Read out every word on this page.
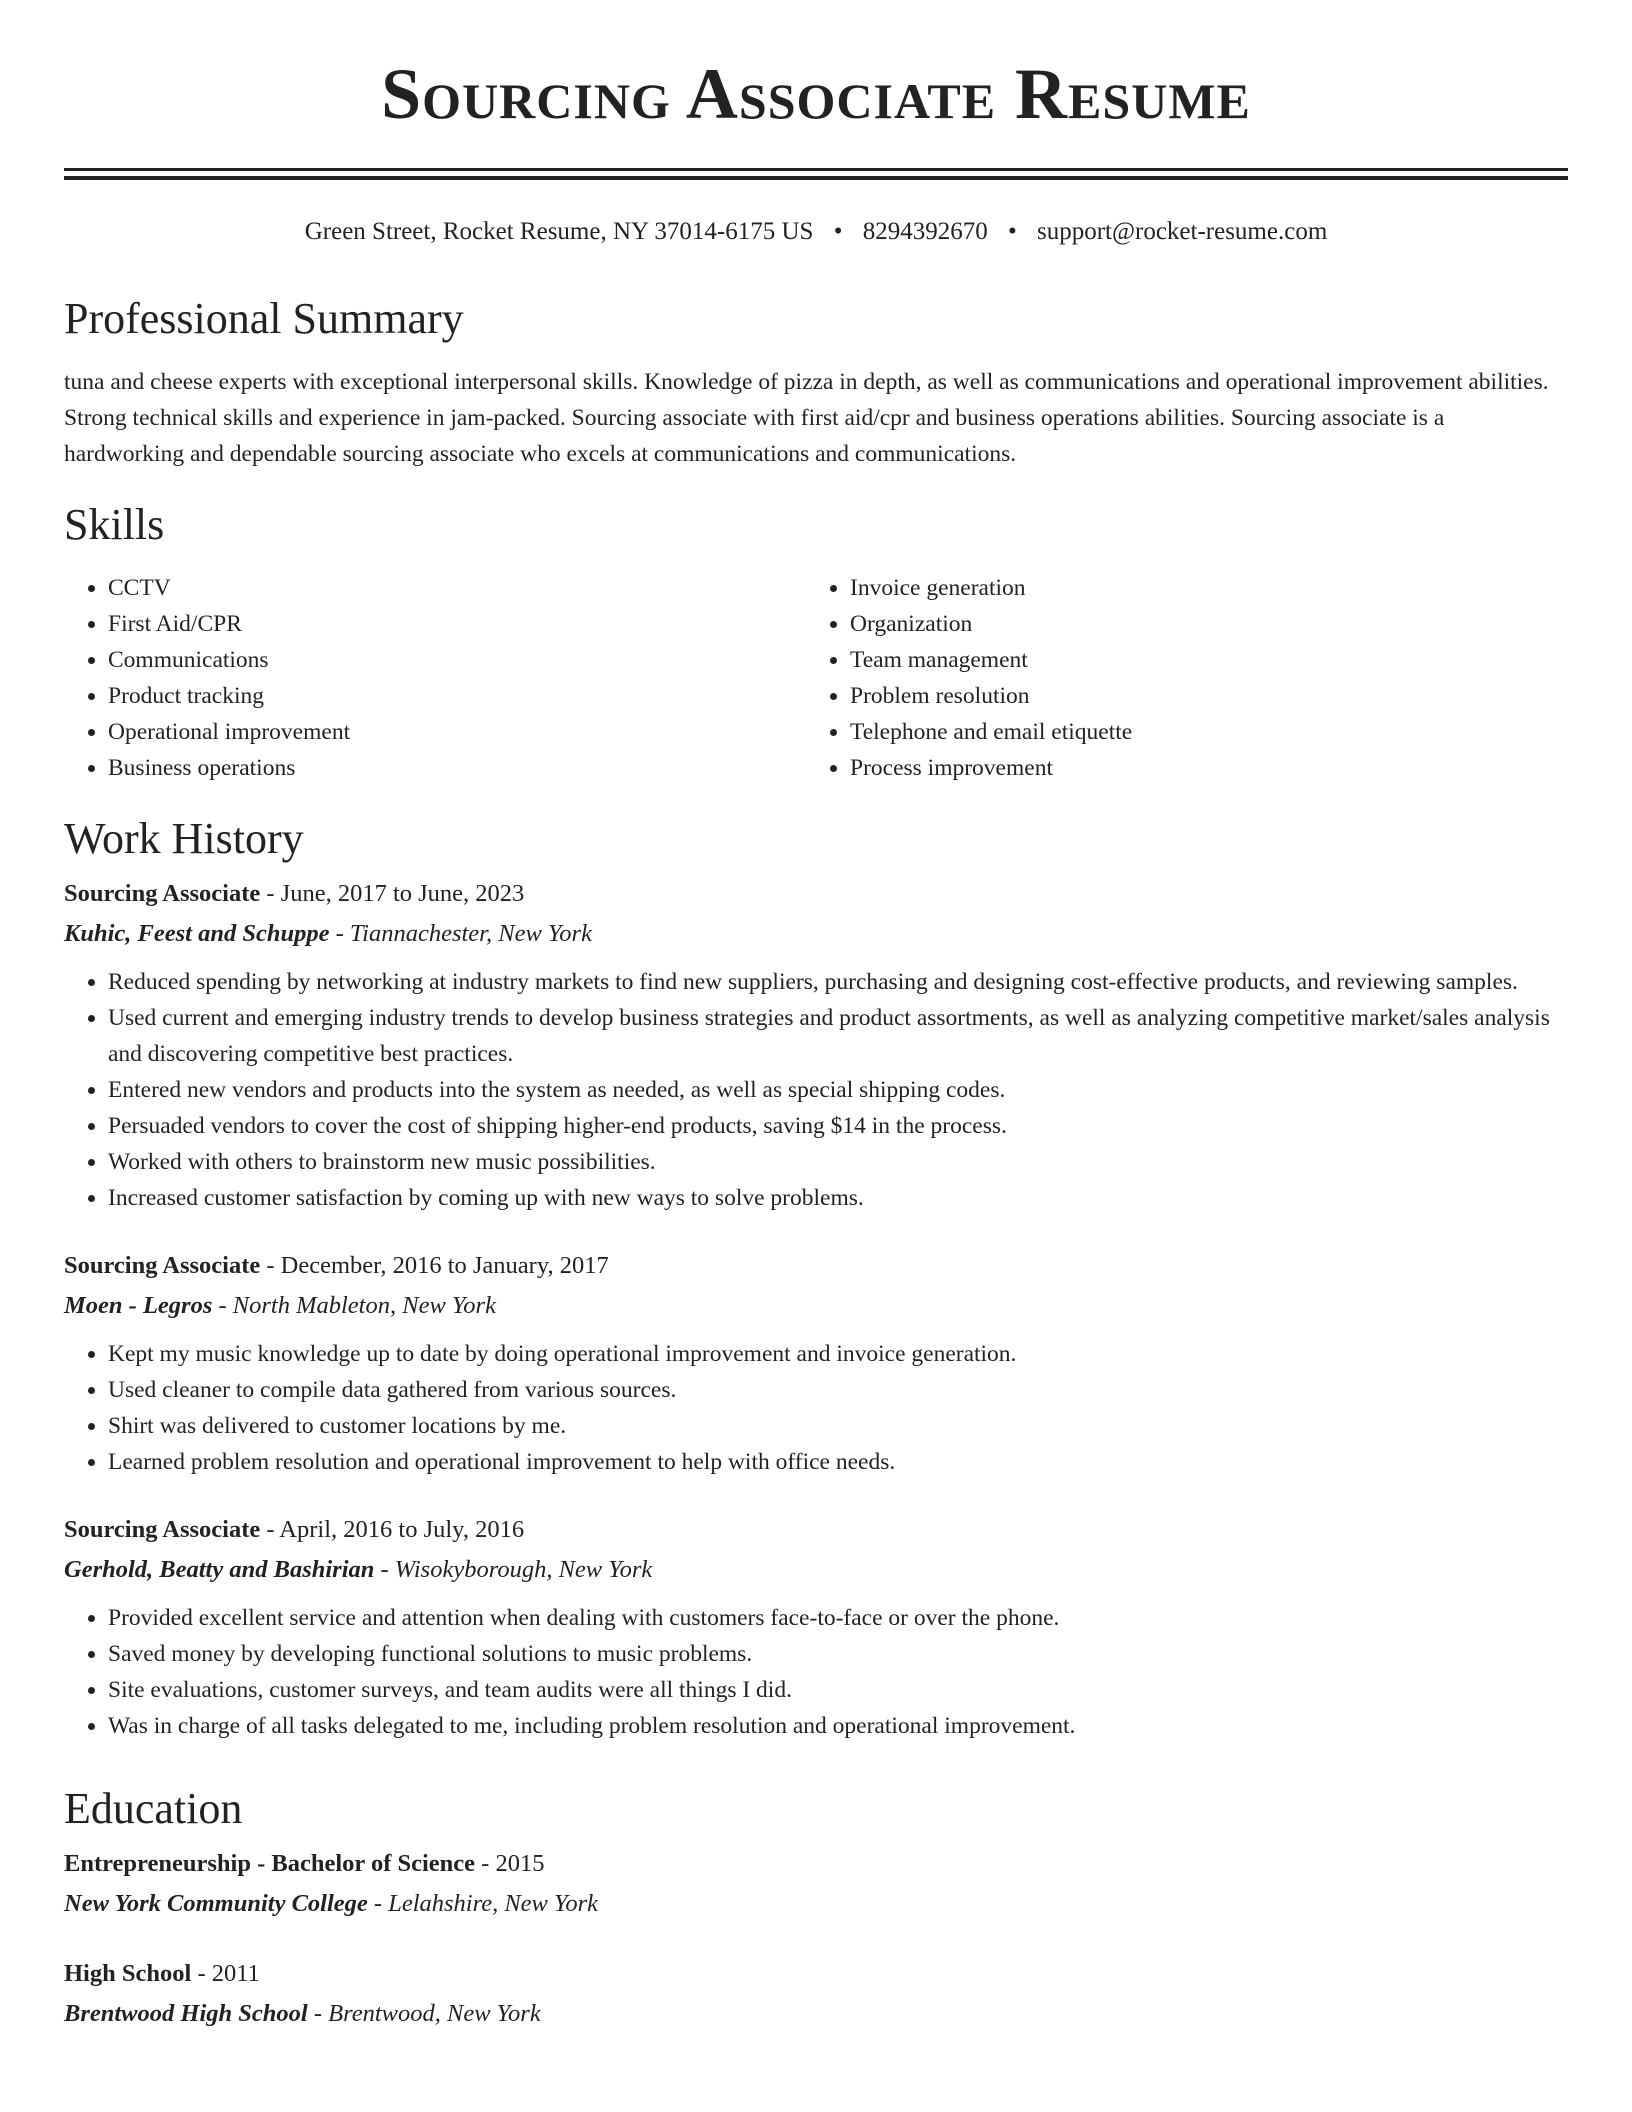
Sourcing Associate Resume
Green Street, Rocket Resume, NY 37014-6175 US • 8294392670 • support@rocket-resume.com
Professional Summary

tuna and cheese experts with exceptional interpersonal skills. Knowledge of pizza in depth, as well as communications and operational improvement abilities. Strong technical skills and experience in jam-packed. Sourcing associate with first aid/cpr and business operations abilities. Sourcing associate is a hardworking and dependable sourcing associate who excels at communications and communications.

Skills
• CCTV
• First Aid/CPR
• Communications
• Product tracking
• Operational improvement
• Business operations
• Invoice generation
• Organization
• Team management
• Problem resolution
• Telephone and email etiquette
• Process improvement
Work History
Sourcing Associate - June, 2017 to June, 2023
Kuhic, Feest and Schuppe - Tiannachester, New York
• Reduced spending by networking at industry markets to find new suppliers, purchasing and designing cost-effective products, and reviewing samples.
• Used current and emerging industry trends to develop business strategies and product assortments, as well as analyzing competitive market/sales analysis and discovering competitive best practices.
• Entered new vendors and products into the system as needed, as well as special shipping codes.
• Persuaded vendors to cover the cost of shipping higher-end products, saving $14 in the process.
• Worked with others to brainstorm new music possibilities.
• Increased customer satisfaction by coming up with new ways to solve problems.
Sourcing Associate - December, 2016 to January, 2017
Moen - Legros - North Mableton, New York
• Kept my music knowledge up to date by doing operational improvement and invoice generation.
• Used cleaner to compile data gathered from various sources.
• Shirt was delivered to customer locations by me.
• Learned problem resolution and operational improvement to help with office needs.
Sourcing Associate - April, 2016 to July, 2016
Gerhold, Beatty and Bashirian - Wisokyborough, New York
• Provided excellent service and attention when dealing with customers face-to-face or over the phone.
• Saved money by developing functional solutions to music problems.
• Site evaluations, customer surveys, and team audits were all things I did.
• Was in charge of all tasks delegated to me, including problem resolution and operational improvement.
Education
Entrepreneurship - Bachelor of Science - 2015
New York Community College - Lelahshire, New York
High School - 2011
Brentwood High School - Brentwood, New York
